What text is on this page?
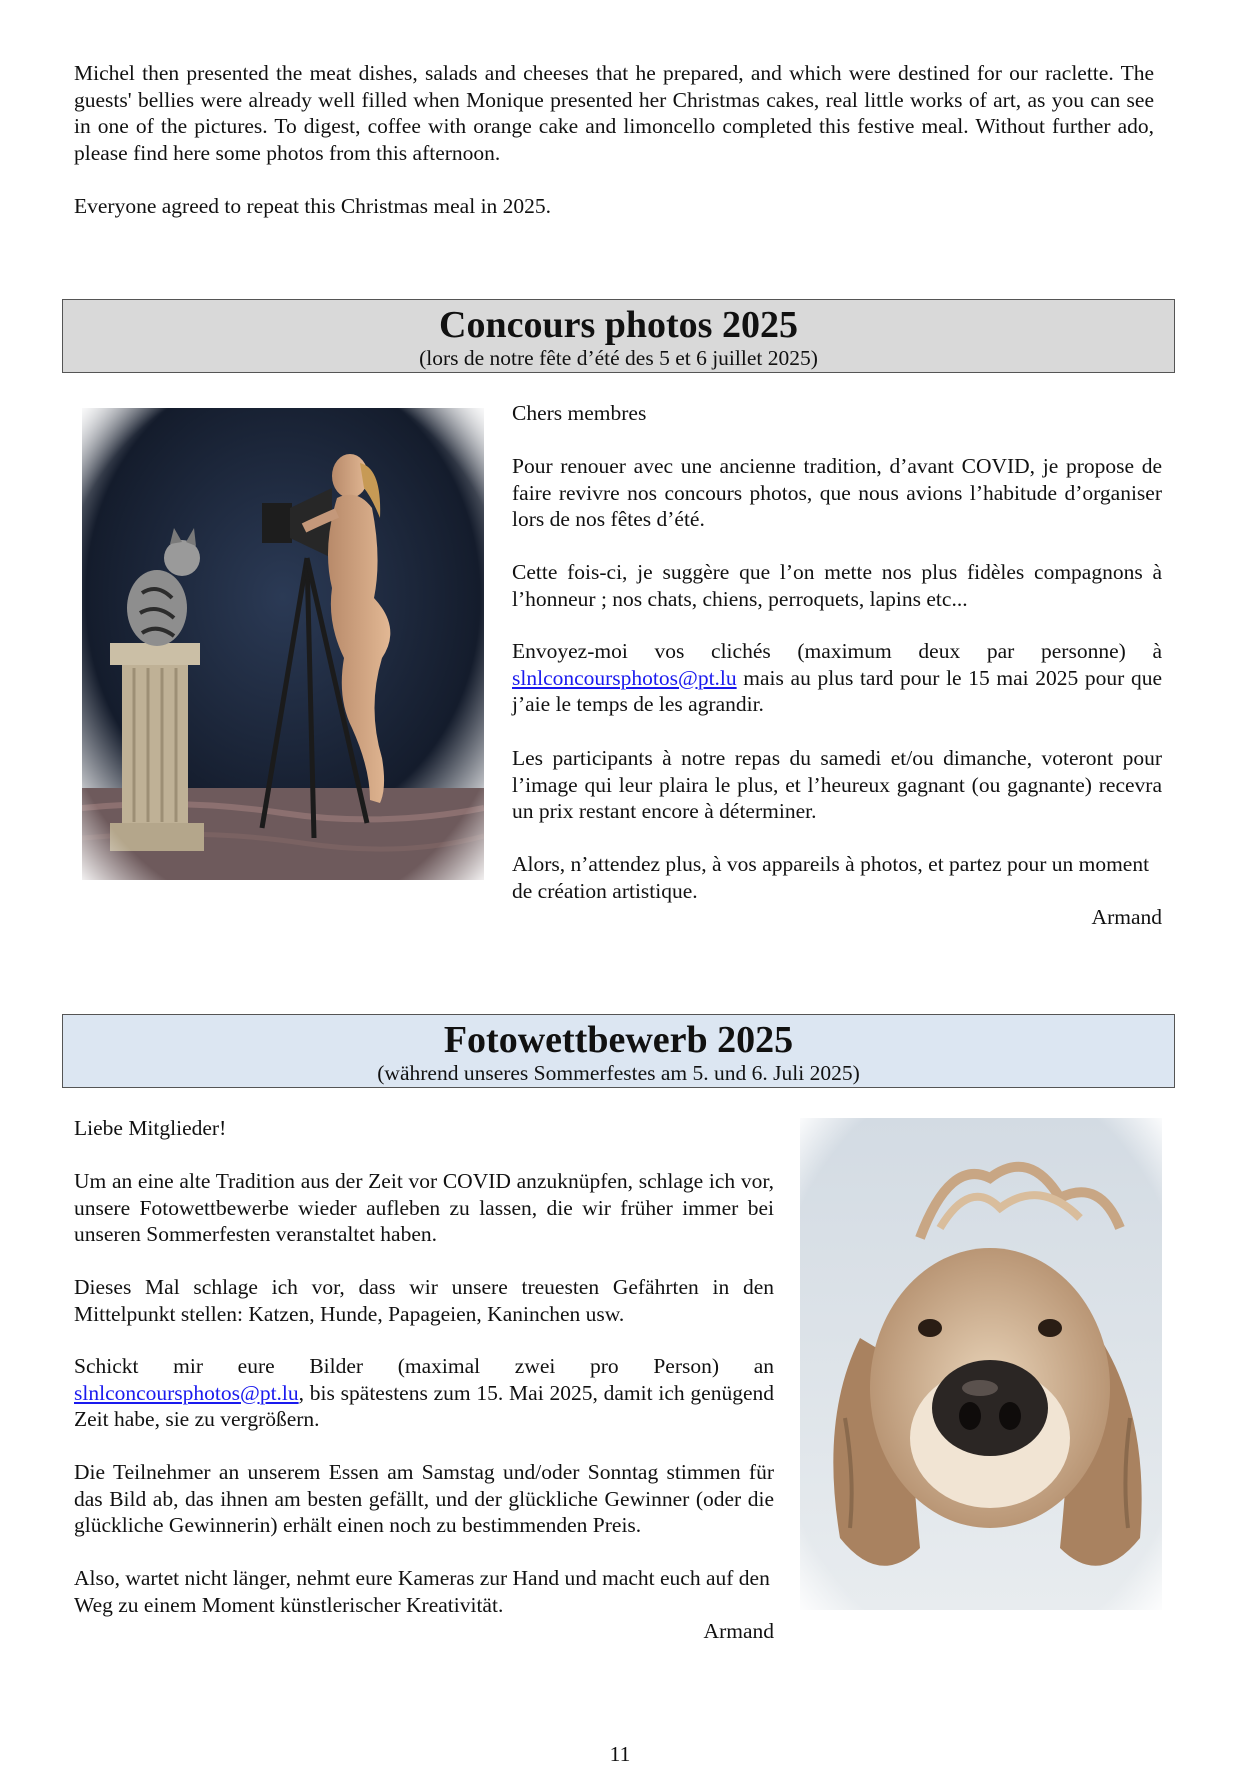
Michel then presented the meat dishes, salads and cheeses that he prepared, and which were destined for our raclette. The guests' bellies were already well filled when Monique presented her Christmas cakes, real little works of art, as you can see in one of the pictures. To digest, coffee with orange cake and limoncello completed this festive meal. Without further ado, please find here some photos from this afternoon.

Everyone agreed to repeat this Christmas meal in 2025.

Concours photos 2025
(lors de notre fête d’été des 5 et 6 juillet 2025)

Chers membres

Pour renouer avec une ancienne tradition, d’avant COVID, je propose de faire revivre nos concours photos, que nous avions l’habitude d’organiser lors de nos fêtes d’été.

Cette fois-ci, je suggère que l’on mette nos plus fidèles compagnons à l’honneur ; nos chats, chiens, perroquets, lapins etc...

Envoyez-moi vos clichés (maximum deux par personne) à slnlconcoursphotos@pt.lu mais au plus tard pour le 15 mai 2025 pour que j’aie le temps de les agrandir.

Les participants à notre repas du samedi et/ou dimanche, voteront pour l’image qui leur plaira le plus, et l’heureux gagnant (ou gagnante) recevra un prix restant encore à déterminer.

Alors, n’attendez plus, à vos appareils à photos, et partez pour un moment de création artistique.

Armand

Fotowettbewerb 2025
(während unseres Sommerfestes am 5. und 6. Juli 2025)

Liebe Mitglieder!

Um an eine alte Tradition aus der Zeit vor COVID anzuknüpfen, schlage ich vor, unsere Fotowettbewerbe wieder aufleben zu lassen, die wir früher immer bei unseren Sommerfesten veranstaltet haben.

Dieses Mal schlage ich vor, dass wir unsere treuesten Gefährten in den Mittelpunkt stellen: Katzen, Hunde, Papageien, Kaninchen usw.

Schickt mir eure Bilder (maximal zwei pro Person) an slnlconcoursphotos@pt.lu, bis spätestens zum 15. Mai 2025, damit ich genügend Zeit habe, sie zu vergrößern.

Die Teilnehmer an unserem Essen am Samstag und/oder Sonntag stimmen für das Bild ab, das ihnen am besten gefällt, und der glückliche Gewinner (oder die glückliche Gewinnerin) erhält einen noch zu bestimmenden Preis.

Also, wartet nicht länger, nehmt eure Kameras zur Hand und macht euch auf den Weg zu einem Moment künstlerischer Kreativität.

Armand

11
